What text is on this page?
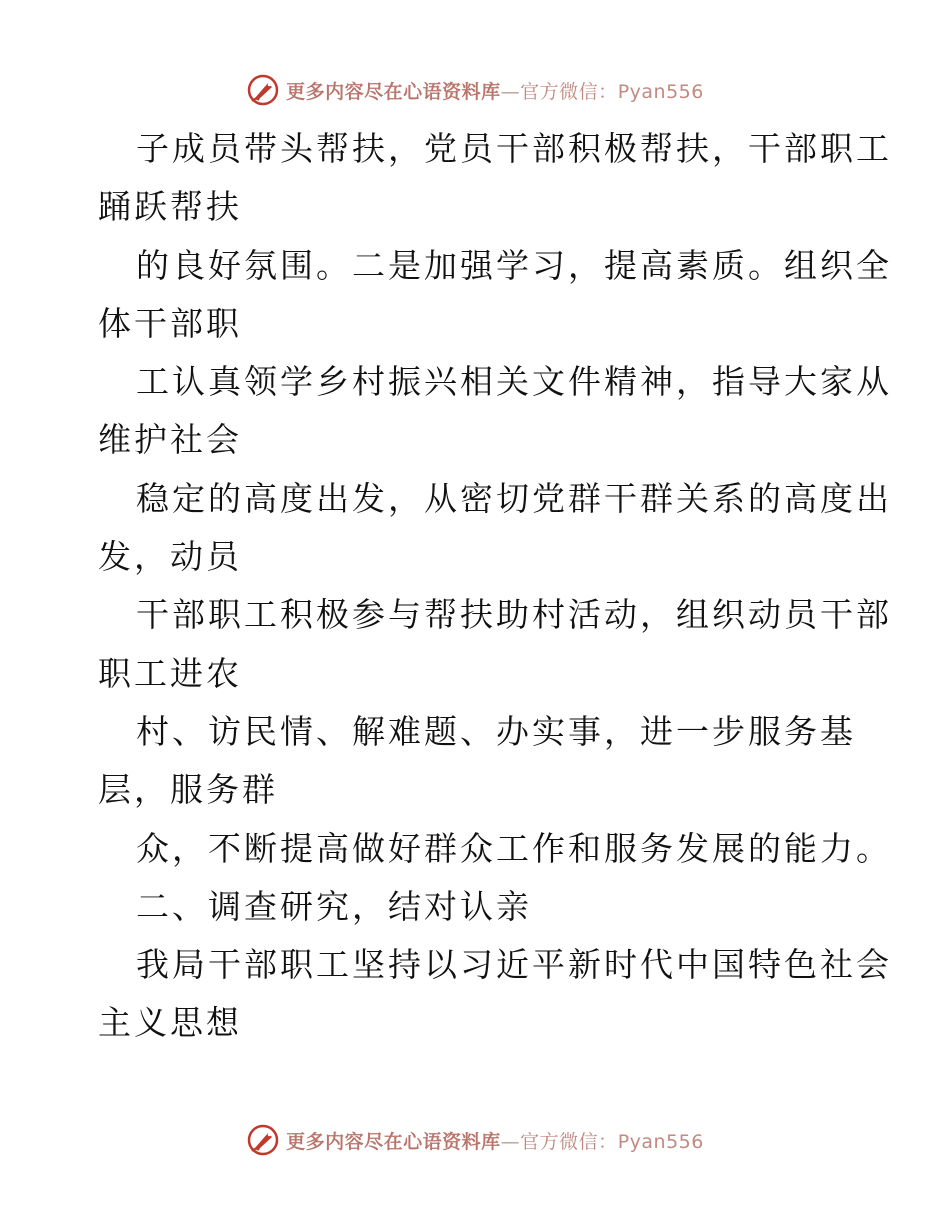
更多内容尽在心语资料库—官方微信：Pyan556
子成员带头帮扶，党员干部积极帮扶，干部职工
踊跃帮扶
的良好氛围。二是加强学习，提高素质。组织全
体干部职
工认真领学乡村振兴相关文件精神，指导大家从
维护社会
稳定的高度出发，从密切党群干群关系的高度出
发，动员
干部职工积极参与帮扶助村活动，组织动员干部
职工进农
村、访民情、解难题、办实事，进一步服务基
层，服务群
众，不断提高做好群众工作和服务发展的能力。
二、调查研究，结对认亲
我局干部职工坚持以习近平新时代中国特色社会
主义思想
更多内容尽在心语资料库—官方微信：Pyan556
